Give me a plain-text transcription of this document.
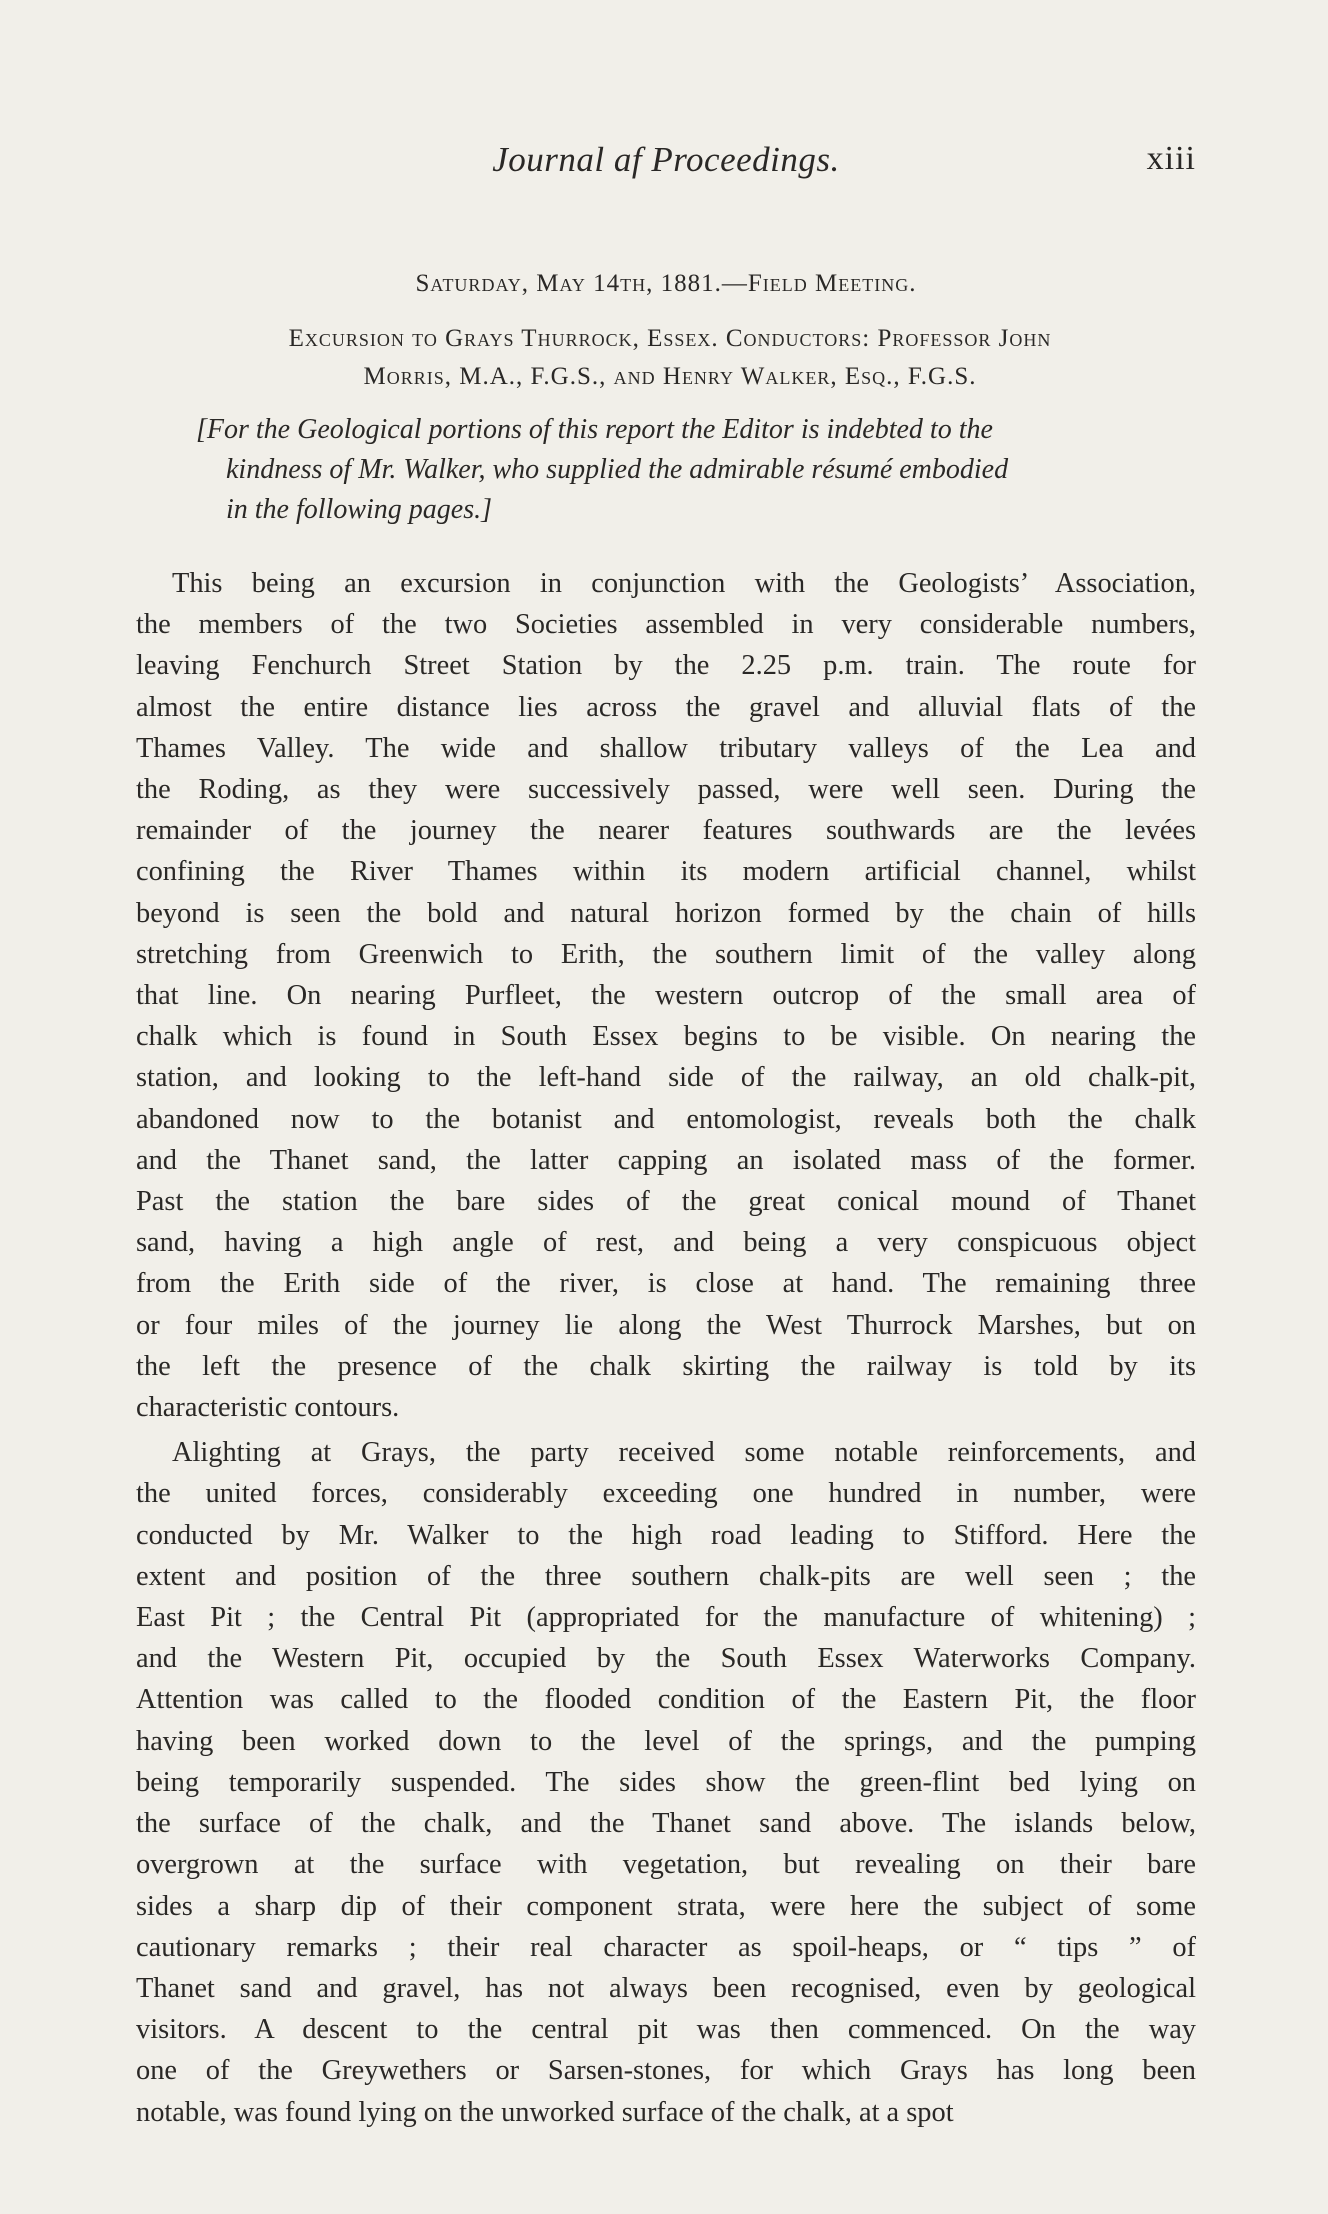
Journal af Proceedings.	xiii
Saturday, May 14th, 1881.—Field Meeting.
Excursion to Grays Thurrock, Essex. Conductors: Professor John
Morris, M.A., F.G.S., and Henry Walker, Esq., F.G.S.
[For the Geological portions of this report the Editor is indebted to the
kindness of Mr. Walker, who supplied the admirable résumé embodied
in the following pages.]
This being an excursion in conjunction with the Geologists’ Association,
the members of the two Societies assembled in very considerable numbers,
leaving Fenchurch Street Station by the 2.25 p.m. train. The route for
almost the entire distance lies across the gravel and alluvial flats of the
Thames Valley. The wide and shallow tributary valleys of the Lea and
the Roding, as they were successively passed, were well seen. During the
remainder of the journey the nearer features southwards are the levées
confining the River Thames within its modern artificial channel, whilst
beyond is seen the bold and natural horizon formed by the chain of hills
stretching from Greenwich to Erith, the southern limit of the valley along
that line. On nearing Purfleet, the western outcrop of the small area of
chalk which is found in South Essex begins to be visible. On nearing the
station, and looking to the left-hand side of the railway, an old chalk-pit,
abandoned now to the botanist and entomologist, reveals both the chalk
and the Thanet sand, the latter capping an isolated mass of the former.
Past the station the bare sides of the great conical mound of Thanet
sand, having a high angle of rest, and being a very conspicuous object
from the Erith side of the river, is close at hand. The remaining three
or four miles of the journey lie along the West Thurrock Marshes, but on
the left the presence of the chalk skirting the railway is told by its
characteristic contours.
Alighting at Grays, the party received some notable reinforcements, and
the united forces, considerably exceeding one hundred in number, were
conducted by Mr. Walker to the high road leading to Stifford. Here the
extent and position of the three southern chalk-pits are well seen ; the
East Pit ; the Central Pit (appropriated for the manufacture of whitening) ;
and the Western Pit, occupied by the South Essex Waterworks Company.
Attention was called to the flooded condition of the Eastern Pit, the floor
having been worked down to the level of the springs, and the pumping
being temporarily suspended. The sides show the green-flint bed lying on
the surface of the chalk, and the Thanet sand above. The islands below,
overgrown at the surface with vegetation, but revealing on their bare
sides a sharp dip of their component strata, were here the subject of some
cautionary remarks ; their real character as spoil-heaps, or “ tips ” of
Thanet sand and gravel, has not always been recognised, even by geological
visitors. A descent to the central pit was then commenced. On the way
one of the Greywethers or Sarsen-stones, for which Grays has long been
notable, was found lying on the unworked surface of the chalk, at a spot
